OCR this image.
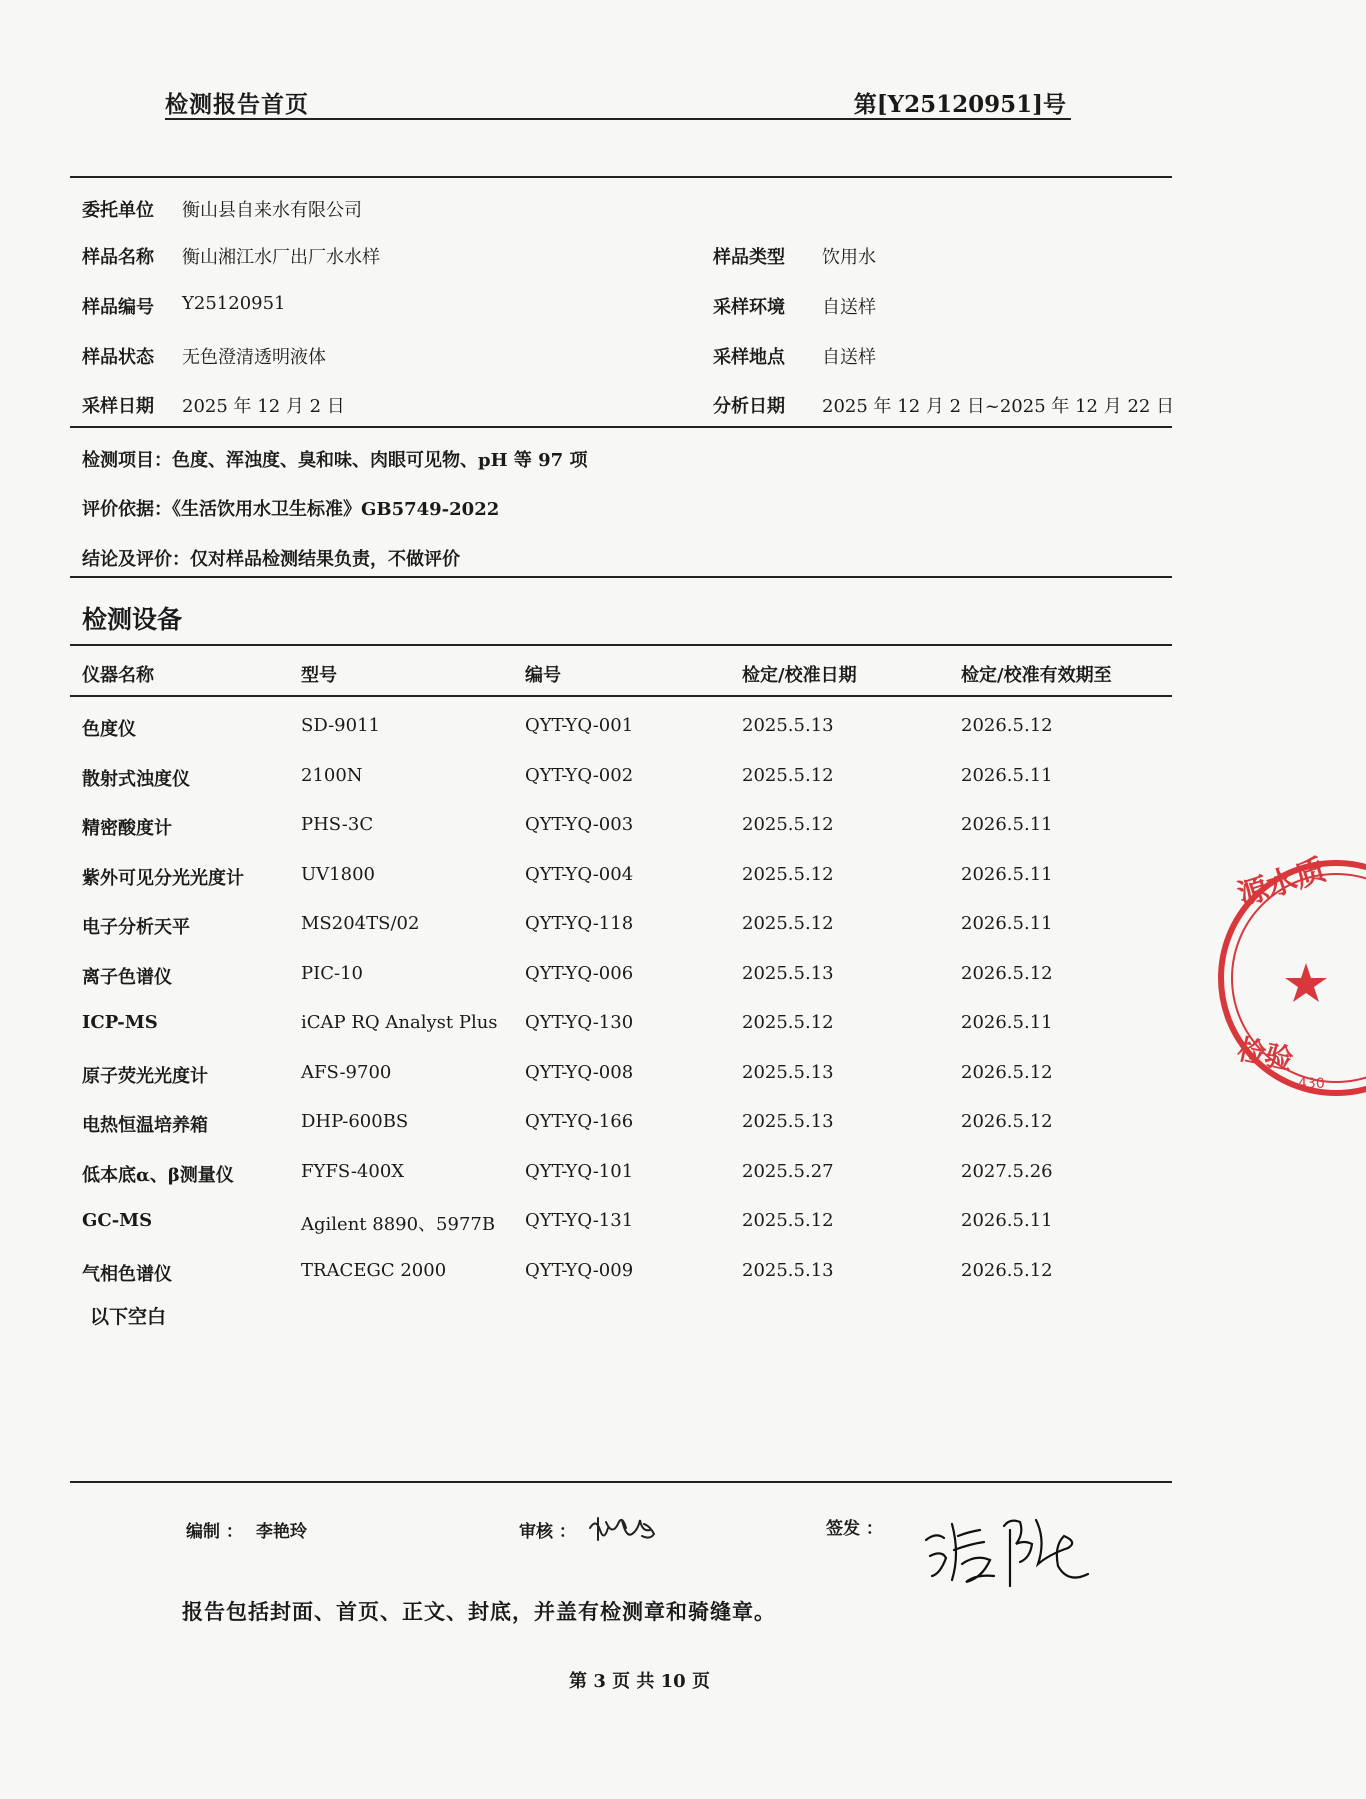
检测报告首页	第[Y25120951]号
委托单位 衡山县自来水有限公司
样品名称 衡山湘江水厂出厂水水样	样品类型 饮用水
样品编号 Y25120951	采样环境 自送样
样品状态 无色澄清透明液体	采样地点 自送样
采样日期 2025 年 12 月 2 日	分析日期 2025 年 12 月 2 日~2025 年 12 月 22 日
检测项目：色度、浑浊度、臭和味、肉眼可见物、pH 等 97 项
评价依据：《生活饮用水卫生标准》GB5749-2022
结论及评价：仅对样品检测结果负责，不做评价
检测设备
仪器名称	型号	编号	检定/校准日期	检定/校准有效期至
色度仪	SD-9011	QYT-YQ-001	2025.5.13	2026.5.12
散射式浊度仪	2100N	QYT-YQ-002	2025.5.12	2026.5.11
精密酸度计	PHS-3C	QYT-YQ-003	2025.5.12	2026.5.11
紫外可见分光光度计	UV1800	QYT-YQ-004	2025.5.12	2026.5.11
电子分析天平	MS204TS/02	QYT-YQ-118	2025.5.12	2026.5.11
离子色谱仪	PIC-10	QYT-YQ-006	2025.5.13	2026.5.12
ICP-MS	iCAP RQ Analyst Plus QYT-YQ-130	2025.5.12	2026.5.11
原子荧光光度计	AFS-9700	QYT-YQ-008	2025.5.13	2026.5.12
电热恒温培养箱	DHP-600BS	QYT-YQ-166	2025.5.13	2026.5.12
低本底α、β测量仪	FYFS-400X	QYT-YQ-101	2025.5.27	2027.5.26
GC-MS	Agilent 8890、5977B QYT-YQ-131	2025.5.12	2026.5.11
气相色谱仪	TRACEGC 2000	QYT-YQ-009	2025.5.13	2026.5.12
以下空白
编制 ： 李艳玲	审核 ：	签发 ：
报告包括封面、首页、正文、封底，并盖有检测章和骑缝章。
第 3 页 共 10 页
源水质
检验
430
